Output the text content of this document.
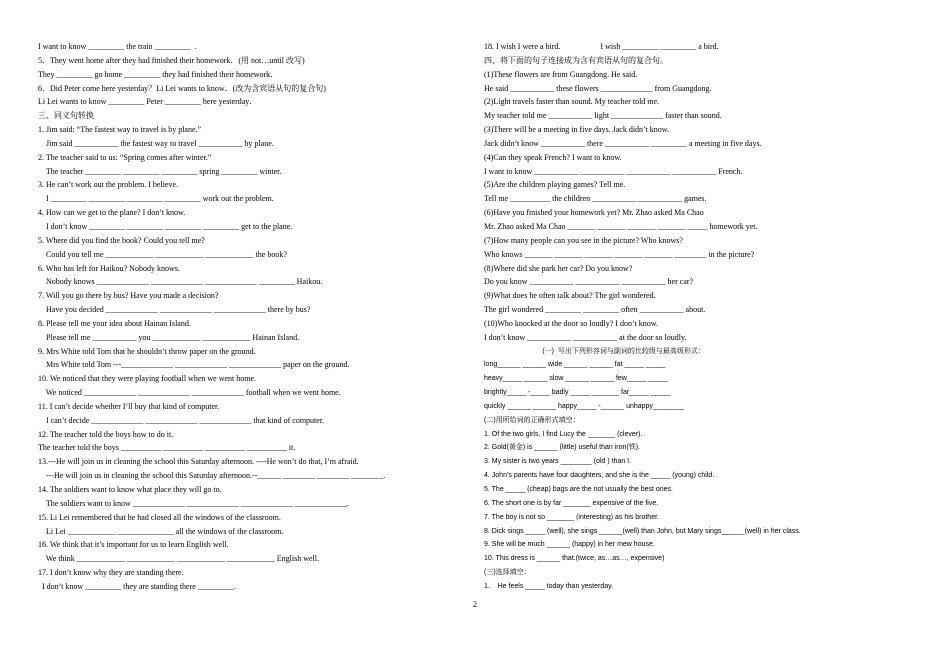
I want to know _________ the train _________  .
5．They went home after they had finished their homework．(用 not…until 改写)
They _________ go home _________ they had finished their homework．
6．Did Peter come here yesterday？Li Lei wants to know．(改为含宾语从句的复合句)
Li Lei wants to know _________ Peter _________ here yesterday．
三、同义句转换
1. Jim said: “The fastest way to travel is by plane.”
Jim said ___________ the fastest way to travel ___________ by plane.
2. The teacher said to us: “Spring comes after winter.”
The teacher _________ _________ _________ spring _________ winter.
3. He can’t work out the problem. I believe.
I _________ _________ _________ _________ work out the problem.
4. How can we get to the plane? I don’t know.
I don’t know _________ _________ _________ _________ get to the plane.
5. Where did you find the book? Could you tell me?
Could you tell me ____________ ____________ ____________ the book?
6. Who has left for Haikou? Nobody knows.
Nobody knows _____________ _____________ _____________ _________ Haikou.
7. Will you go there by bus? Have you made a decision?
Have you decided _____________ _____________ _____________ there by bus?
8. Please tell me your idea about Hainan Island.
Please tell me ___________ you ____________ ____________ Hainan Island.
9. Mrs White told Tom that he shouldn’t throw paper on the ground.
Mrs White told Tom ---_____________ _____________ _____________ paper on the ground.
10. We noticed that they were playing football when we went home.
We noticed _____________ _____________ _____________ football when we went home.
11. I can’t decide whether I’ll buy that kind of computer.
I can’t decide _____________ _____________ _____________ that kind of computer.
12. The teacher told the boys how to do it.
The teacher told the boys __________ __________ __________ __________ it.
13.---He will join us in cleaning the school this Saturday afternoon. ----He won’t do that, I’m afraid.
---He will join us in cleaning the school this Saturday afternoon.--______ ________ ________ ________.
14. The soldiers want to know what place they will go to.
The soldiers want to know _____________ _____________ _____________ _____________.
15. Li Lei remembered that he had closed all the windows of the classroom.
Li Lei ____________ ______________ all the windows of the classroom.
16. We think that it’s important for us to learn English well.
We think ____________ ____________ ____________ ____________ English well.
17. I don’t know why they are standing there.
I don’t know _________ they are standing there _________.
18. I wish I were a bird.                    I wish _________ _________ a bird.
四、将下面的句子连接成为含有宾语从句的复合句。
(1)These flowers are from Guangdong. He said.
He said ___________ these flowers _____________ from Guangdong.
(2)Light travels faster than sound. My teacher told me.
My teacher told me ___________ light _____________ faster than sound.
(3)There will be a meeting in five days. Jack didn’t know.
Jack didn’t know ___________ there ___________ _________ a meeting in five days.
(4)Can they speak French? I want to know.
I want to know ___________ ___________ ___________ ___________ French.
(5)Are the children playing games? Tell me.
Tell me __________ the children ___________ ___________ games.
(6)Have you finished your homework yet? Mr. Zhao asked Ma Chao
Mr. Zhao asked Ma Chao _______ _______ _______ _______ _____ homework yet.
(7)How many people can you see in the picture? Who knows?
Who knows _______ _______ _______ _______ _______ ________ in the picture?
(8)Where did she park her car? Do you know?
Do you know ___________ ___________ ___________ her car?
(9)What does he often talk about? The girl wondered.
The girl wondered _________ _________ often ___________ about.
(10)Who knocked at the door so loudly? I don’t know.
I don’t know ___________ ___________ at the door so loudly.
(一)  写出下列形容词与副词的比较级与最高级形式：
long______ ______ wide ______ ______ fat _____ _____
heavy_____ ______ slow ______ ______ few_____ _____
brightly_____ -_____ badly _____ _______ far_____ _____
quickly ______ ______ happy_____ -______ unhappy________
(二)用所给词的正确形式填空：
1. Of the two girls, I find Lucy the _______ (clever).
2. Gold(黄金) is ______ (little) useful than iron(铁).
3. My sister is two years ________ (old ) than I.
4. John’s parents have four daughters, and she is the _____ (young) child.
5. The _____ (cheap) bags are the not usually the best ones.
6. The short one is by far _______ expensive of the five.
7. The boy is not so _______ (interesting) as his brother.
8. Dick sings _____ (well), she sings ______(well) than John, but Mary sings______(well) in her class.
9. She will be much ______ (happy) in her mew house.
10. This dress is ______ that.(twice, as…as…, expensive)
(三)选择填空：
1.    He feels _____ today than yesterday.
2
